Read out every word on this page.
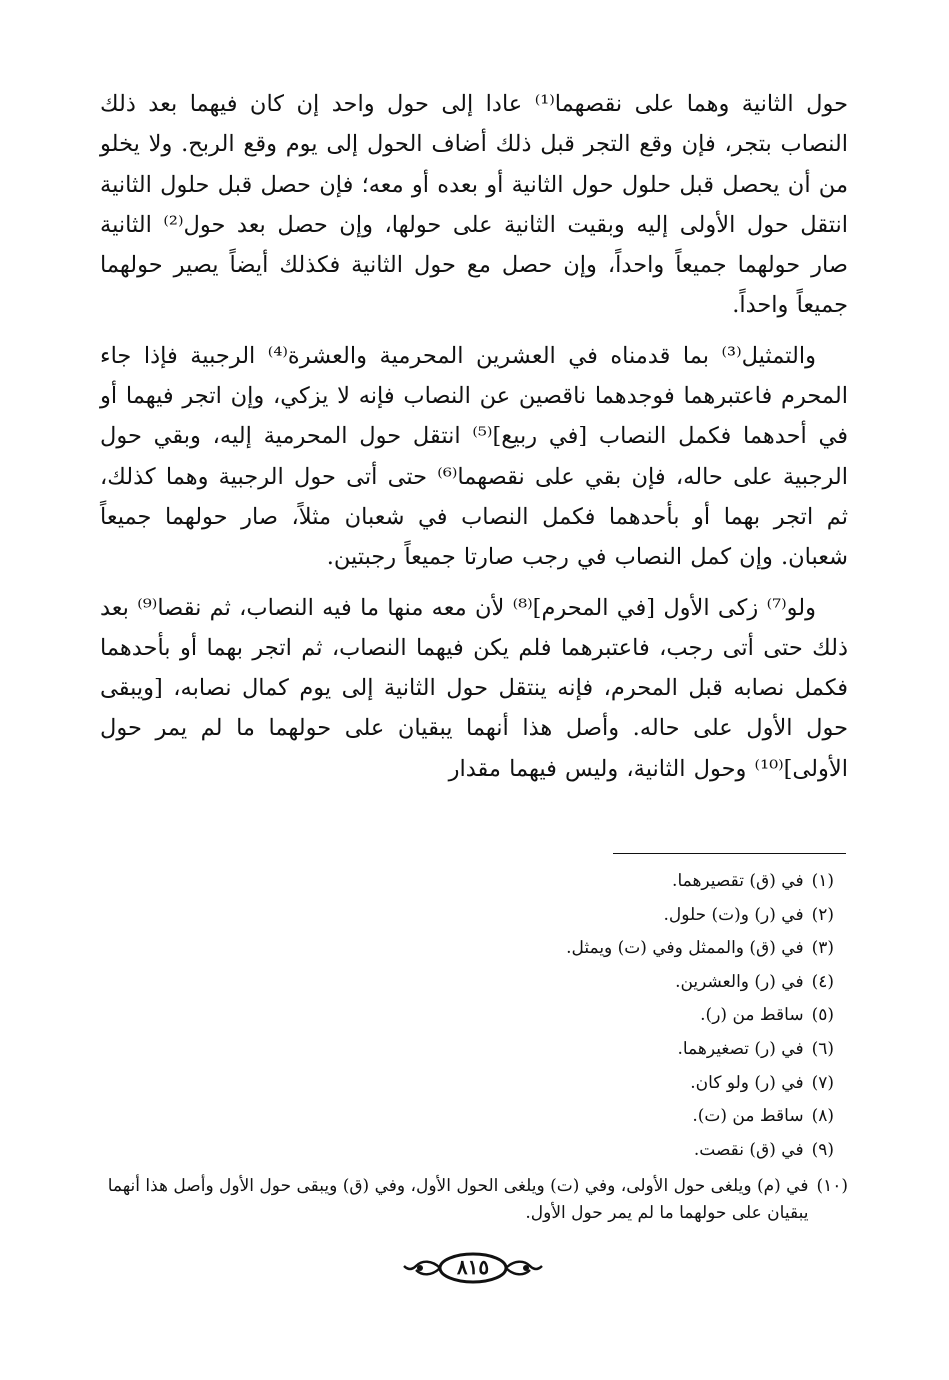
حول الثانية وهما على نقصهما⁽¹⁾ عادا إلى حول واحد إن كان فيهما بعد ذلك النصاب بتجر، فإن وقع التجر قبل ذلك أضاف الحول إلى يوم وقع الربح. ولا يخلو من أن يحصل قبل حلول حول الثانية أو بعده أو معه؛ فإن حصل قبل حلول الثانية انتقل حول الأولى إليه وبقيت الثانية على حولها، وإن حصل بعد حول⁽²⁾ الثانية صار حولهما جميعاً واحداً، وإن حصل مع حول الثانية فكذلك أيضاً يصير حولهما جميعاً واحداً.

والتمثيل⁽³⁾ بما قدمناه في العشرين المحرمية والعشرة⁽⁴⁾ الرجبية فإذا جاء المحرم فاعتبرهما فوجدهما ناقصين عن النصاب فإنه لا يزكي، وإن اتجر فيهما أو في أحدهما فكمل النصاب [في ربيع]⁽⁵⁾ انتقل حول المحرمية إليه، وبقي حول الرجبية على حاله، فإن بقي على نقصهما⁽⁶⁾ حتى أتى حول الرجبية وهما كذلك، ثم اتجر بهما أو بأحدهما فكمل النصاب في شعبان مثلاً، صار حولهما جميعاً شعبان. وإن كمل النصاب في رجب صارتا جميعاً رجبتين.

ولو⁽⁷⁾ زكى الأول [في المحرم]⁽⁸⁾ لأن معه منها ما فيه النصاب، ثم نقصا⁽⁹⁾ بعد ذلك حتى أتى رجب، فاعتبرهما فلم يكن فيهما النصاب، ثم اتجر بهما أو بأحدهما فكمل نصابه قبل المحرم، فإنه ينتقل حول الثانية إلى يوم كمال نصابه، [ويبقى حول الأول على حاله. وأصل هذا أنهما يبقيان على حولهما ما لم يمر حول الأولى]⁽¹⁰⁾ وحول الثانية، وليس فيهما مقدار

(١)
في (ق) تقصيرهما.
(٢)
في (ر) و(ت) حلول.
(٣)
في (ق) والممثل وفي (ت) ويمثل.
(٤)
في (ر) والعشرين.
(٥)
ساقط من (ر).
(٦)
في (ر) تصغيرهما.
(٧)
في (ر) ولو كان.
(٨)
ساقط من (ت).
(٩)
في (ق) نقصت.
(١٠)
في (م) ويلغى حول الأولى، وفي (ت) ويلغى الحول الأول، وفي (ق) ويبقى حول الأول وأصل هذا أنهما يبقيان على حولهما ما لم يمر حول الأول.
٨١٥
